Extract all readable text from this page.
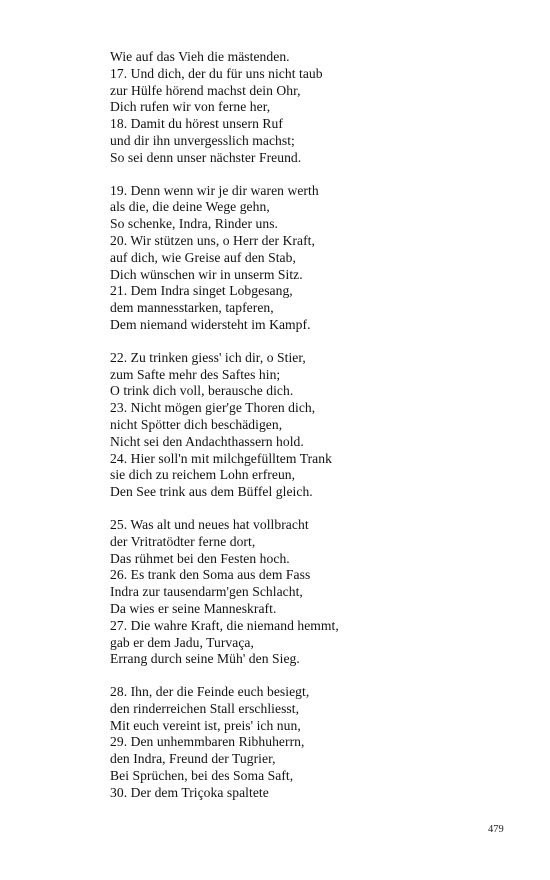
Wie auf das Vieh die mästenden.
17. Und dich, der du für uns nicht taub
zur Hülfe hörend machst dein Ohr,
Dich rufen wir von ferne her,
18. Damit du hörest unsern Ruf
und dir ihn unvergesslich machst;
So sei denn unser nächster Freund.
19. Denn wenn wir je dir waren werth
als die, die deine Wege gehn,
So schenke, Indra, Rinder uns.
20. Wir stützen uns, o Herr der Kraft,
auf dich, wie Greise auf den Stab,
Dich wünschen wir in unserm Sitz.
21. Dem Indra singet Lobgesang,
dem mannesstarken, tapferen,
Dem niemand widersteht im Kampf.
22. Zu trinken giess' ich dir, o Stier,
zum Safte mehr des Saftes hin;
O trink dich voll, berausche dich.
23. Nicht mögen gier'ge Thoren dich,
nicht Spötter dich beschädigen,
Nicht sei den Andachthassern hold.
24. Hier soll'n mit milchgefülltem Trank
sie dich zu reichem Lohn erfreun,
Den See trink aus dem Büffel gleich.
25. Was alt und neues hat vollbracht
der Vritratödter ferne dort,
Das rühmet bei den Festen hoch.
26. Es trank den Soma aus dem Fass
Indra zur tausendarm'gen Schlacht,
Da wies er seine Manneskraft.
27. Die wahre Kraft, die niemand hemmt,
gab er dem Jadu, Turvaça,
Errang durch seine Müh' den Sieg.
28. Ihn, der die Feinde euch besiegt,
den rinderreichen Stall erschliesst,
Mit euch vereint ist, preis' ich nun,
29. Den unhemmbaren Ribhuherrn,
den Indra, Freund der Tugrier,
Bei Sprüchen, bei des Soma Saft,
30. Der dem Triçoka spaltete
479
